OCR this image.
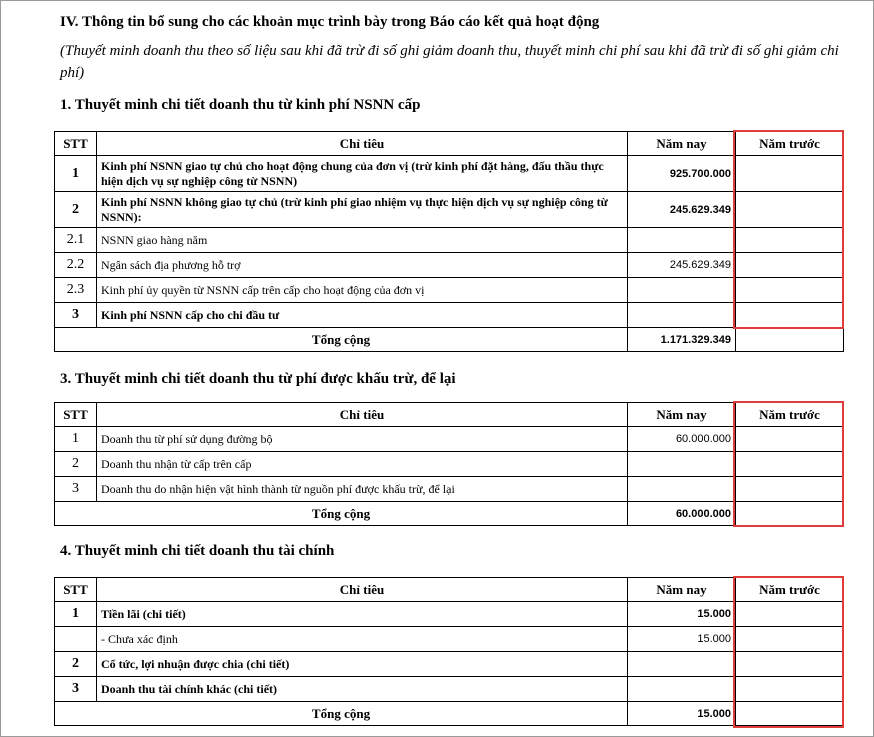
IV. Thông tin bổ sung cho các khoản mục trình bày trong Báo cáo kết quả hoạt động
(Thuyết minh doanh thu theo số liệu sau khi đã trừ đi số ghi giảm doanh thu, thuyết minh chi phí sau khi đã trừ đi số ghi giảm chi phí)
1. Thuyết minh chi tiết doanh thu từ kinh phí NSNN cấp
STT	Chỉ tiêu	Năm nay	Năm trước
1	Kinh phí NSNN giao tự chủ cho hoạt động chung của đơn vị (trừ kinh phí đặt hàng, đấu thầu thực hiện dịch vụ sự nghiệp công từ NSNN)	925.700.000	
2	Kinh phí NSNN không giao tự chủ (trừ kinh phí giao nhiệm vụ thực hiện dịch vụ sự nghiệp công từ NSNN):	245.629.349	
2.1	NSNN giao hàng năm		
2.2	Ngân sách địa phương hỗ trợ	245.629.349	
2.3	Kinh phí ủy quyền từ NSNN cấp trên cấp cho hoạt động của đơn vị		
3	Kinh phí NSNN cấp cho chi đầu tư		
Tổng cộng		1.171.329.349	
3. Thuyết minh chi tiết doanh thu từ phí được khấu trừ, để lại
STT	Chỉ tiêu	Năm nay	Năm trước
1	Doanh thu từ phí sử dụng đường bộ	60.000.000	
2	Doanh thu nhận từ cấp trên cấp		
3	Doanh thu do nhận hiện vật hình thành từ nguồn phí được khấu trừ, để lại		
Tổng cộng		60.000.000	
4. Thuyết minh chi tiết doanh thu tài chính
STT	Chỉ tiêu	Năm nay	Năm trước
1	Tiền lãi (chi tiết)	15.000	
	- Chưa xác định	15.000	
2	Cổ tức, lợi nhuận được chia (chi tiết)		
3	Doanh thu tài chính khác (chi tiết)		
Tổng cộng		15.000	
